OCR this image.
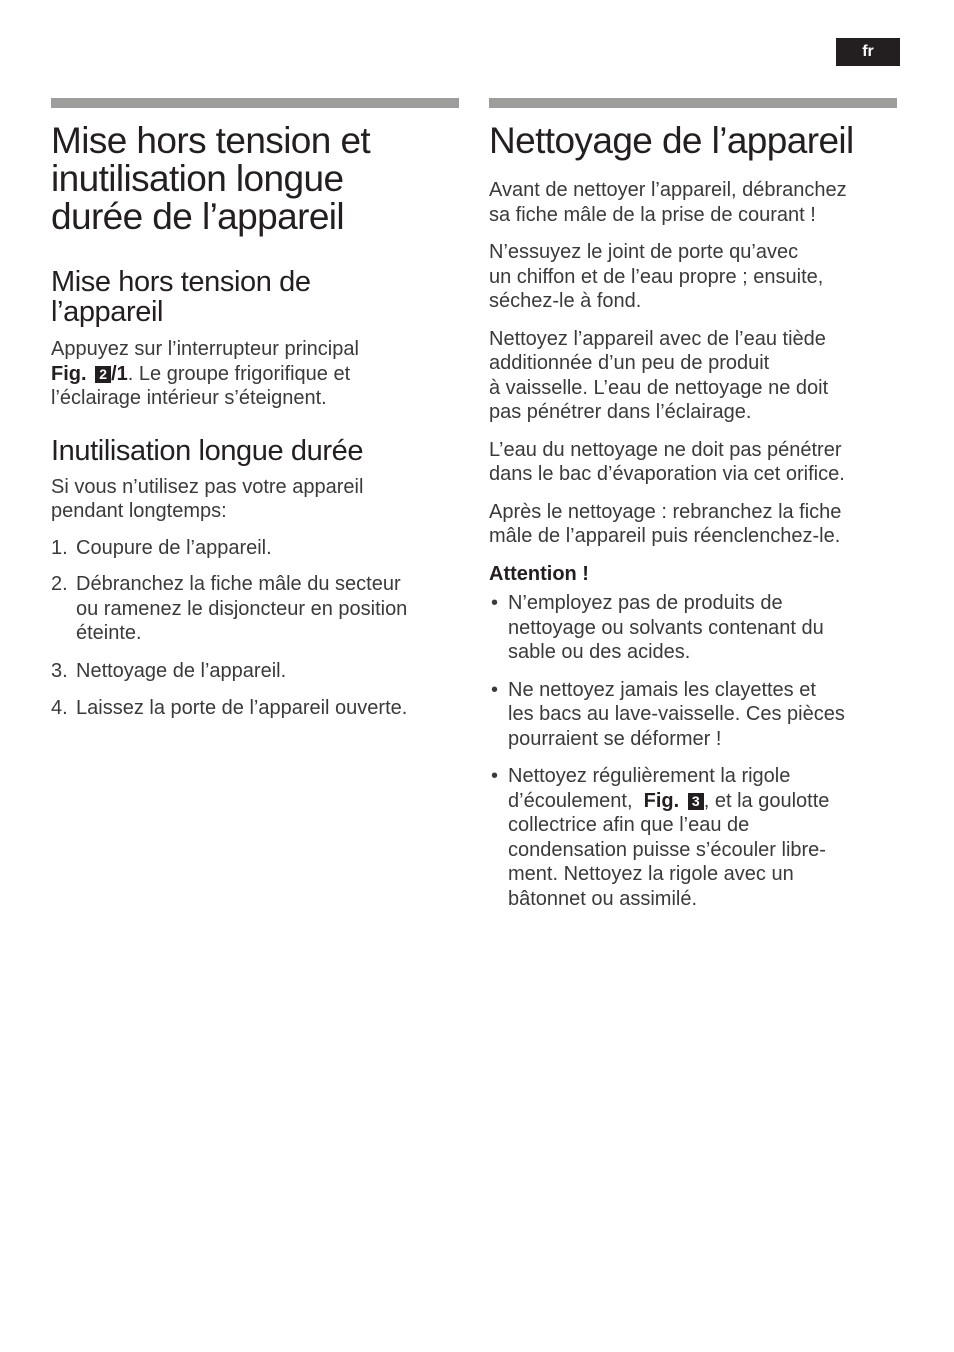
fr
Mise hors tension et
inutilisation longue
durée de l’appareil
Mise hors tension de
l’appareil

Appuyez sur l’interrupteur principal
Fig. 2 /1. Le groupe frigorifique et
l’éclairage intérieur s’éteignent.

Inutilisation longue durée

Si vous n’utilisez pas votre appareil
pendant longtemps:

1. Coupure de l’appareil.
2. Débranchez la fiche mâle du secteur
ou ramenez le disjoncteur en position
éteinte.
3. Nettoyage de l’appareil.
4. Laissez la porte de l’appareil ouverte.
Nettoyage de l’appareil

Avant de nettoyer l’appareil, débranchez
sa fiche mâle de la prise de courant !

N’essuyez le joint de porte qu’avec
un chiffon et de l’eau propre ; ensuite,
séchez-le à fond.

Nettoyez l’appareil avec de l’eau tiède
additionnée d’un peu de produit
à vaisselle. L’eau de nettoyage ne doit
pas pénétrer dans l’éclairage.

L’eau du nettoyage ne doit pas pénétrer
dans le bac d’évaporation via cet orifice.

Après le nettoyage : rebranchez la fiche
mâle de l’appareil puis réenclenchez-le.

Attention !
• N’employez pas de produits de
nettoyage ou solvants contenant du
sable ou des acides.
• Ne nettoyez jamais les clayettes et
les bacs au lave-vaisselle. Ces pièces
pourraient se déformer !
• Nettoyez régulièrement la rigole
d’écoulement,  Fig. 3 , et la goulotte
collectrice afin que l’eau de
condensation puisse s’écouler libre-
ment. Nettoyez la rigole avec un
bâtonnet ou assimilé.
